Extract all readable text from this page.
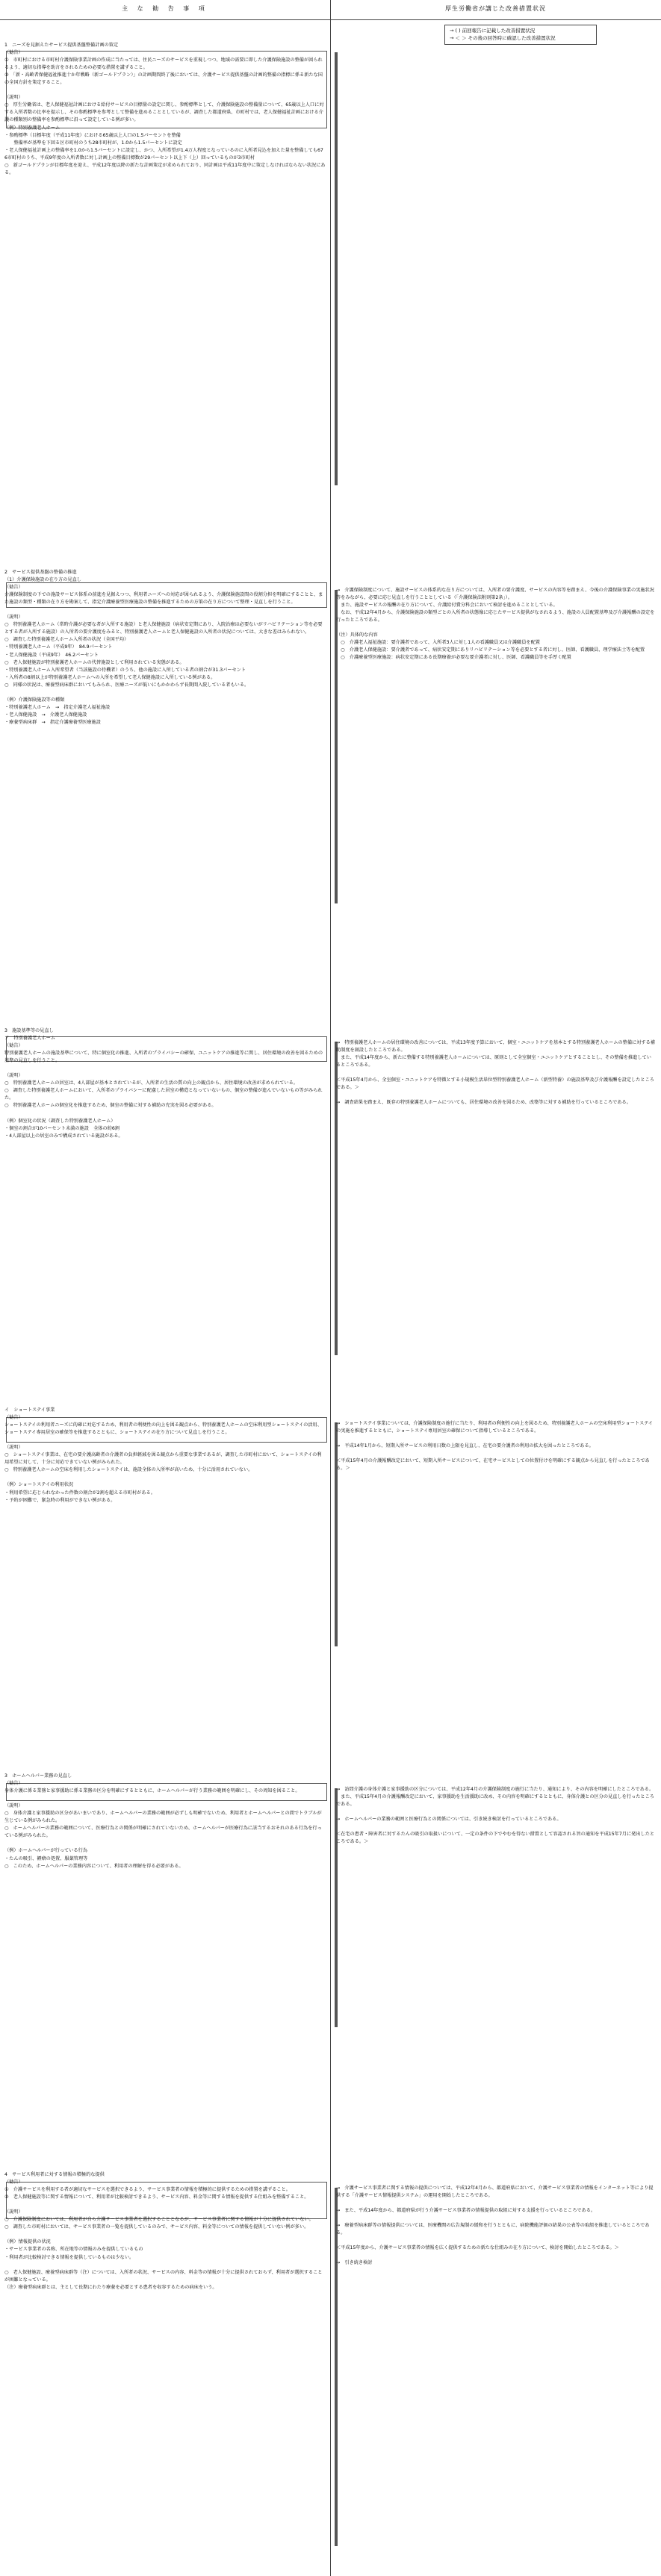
主 な 勧 告 事 項	厚生労働省が講じた改善措置状況
→ ( ) 前回報告に記載した改善措置状況
→ ＜ ＞ その後の回答時に確認した改善措置状況
1　ニーズを見据えたサービス提供基盤整備計画の策定
（勧告）
①　市町村における市町村介護保険事業計画の作成に当たっては、住民ニーズのサービスを重視しつつ、地域の需要に即した介護保険施設の整備が図られるよう、適切な指導を助言をされるための必要な措置を講ずること。
②　「新・高齢者保健福祉推進十か年戦略（新ゴールドプラン）」の計画期間終了後においては、介護サービス提供基盤の計画的整備の指標に係る新たな国の全国方針を策定すること。

（説明）
○　厚生労働省は、老人保健福祉計画における給付サービスの目標量の設定に関し、参酌標準として、介護保険施設の整備量について、65歳以上人口に対する入所者数の比率を提示し、その参酌標準を参考として整備を進めることとしているが、調査した都道府県、市町村では、老人保健福祉計画における介護の種類別の整備率を参酌標準に沿って設定している例が多い。
（例）特別養護老人ホーム
・参酌標準（目標年度（平成11年度）における65歳以上人口の1.5パーセントを整備
　　整備率が基準を下回る区市町村のうち28市町村が、1.0から1.5パーセントに設定
・老人保健福祉計画上の整備率を1.0から1.5パーセントに設定し、かつ、入所希望が1.4万人程度となっているのに入所者見込を加えた量を整備しても676市町村のうち、平成9年度の入所者数に対し計画上の整備目標数が29パーセント以上下（上）回っているものが3市町村
○　新ゴールドプランが目標年度を迎え、平成12年度以降の新たな計画策定が求められており、同計画は平成11年度中に策定しなければならない状況にある。
2　サービス提供基盤の整備の推進
（1）介護保険施設の在り方の見直し
（勧告）
介護保険制度の下での施設サービス体系の前進を見据えつつ、利用者ニーズへの対応が図られるよう、介護保険施設間の役割分担を明確にすることと、また施設の類型・種類の在り方を勘案して、指定介護療養型医療施設の整備を推進するための方策の在り方について整理・見直しを行うこと。

（説明）
○　特別養護老人ホーム（常時介護が必要な者が入所する施設）と老人保健施設（病状安定期にあり、入院治療は必要ないがリハビリテーション等を必要とする者が入所する施設）の入所者の要介護度をみると、特別養護老人ホームと老人保健施設の入所者の状況については、大きな差はみられない。
○　調査した特別養護老人ホーム入所者の状況（全国平均）
・特別養護老人ホーム（平成9年）　84.9パーセント
・老人保健施設（平成9年）　46.2パーセント
○　老人保健施設が特別養護老人ホームの代替施設として利用されている実態がある。
・特別養護老人ホーム入所希望者（当該施設の待機者）のうち、他の施設に入所している者の割合が31.3パーセント
・入所者の8割以上が特別養護老人ホームへの入所を希望して老人保健施設に入所している例がある。
○　同様の状況は、療養型病床群においてもみられ、医療ニーズが低いにもかかわらず長期間入院している者もいる。

（例）介護保険施設等の種類
・特別養護老人ホーム　→　指定介護老人福祉施設
・老人保健施設　→　介護老人保健施設
・療養型病床群　→　指定介護療養型医療施設
→　介護保険制度について、施設サービスの体系的な在り方については、入所者の要介護度、サービスの内容等を踏まえ、今後の介護保険事業の実施状況等をみながら、必要に応じ見直しを行うこととしている（「介護保険法附則第2条」）。
　また、施設サービスの報酬の在り方について、介護給付費分科会において検討を進めることとしている。
　なお、平成12年4月から、介護保険施設の類型ごとの入所者の状態像に応じたサービス提供がなされるよう、施設の人員配置基準及び介護報酬の設定を行ったところである。

（注）具体的な内容
　○　介護老人福祉施設：要介護者であって、入所者3人に対し1人の看護職員又は介護職員を配置
　○　介護老人保健施設：要介護者であって、病状安定期にありリハビリテーション等を必要とする者に対し、医師、看護職員、理学療法士等を配置
　○　介護療養型医療施設：病状安定期にある長期療養が必要な要介護者に対し、医師、看護職員等を手厚く配置
3　施設基準等の見直し
ア　特別養護老人ホーム
（勧告）
特別養護老人ホームの施設基準について、特に個室化の推進、入所者のプライバシーの確保、ユニットケアの推進等に関し、居住環境の改善を図るための基準の見直しを行うこと。

（説明）
○　特別養護老人ホームの居室は、4人部屋が基本とされているが、入所者の生活の質の向上の観点から、居住環境の改善が求められている。
○　調査した特別養護老人ホームにおいて、入所者のプライバシーに配慮した居室の構造となっていないもの、個室の整備が進んでいないもの等がみられた。
○　特別養護老人ホームの個室化を推進するため、個室の整備に対する補助の充実を図る必要がある。

（例）個室化の状況（調査した特別養護老人ホーム）
・個室の割合が10パーセント未満の施設　全体の約6割
・4人部屋以上の居室のみで構成されている施設がある。
→　特別養護老人ホームの居住環境の改善については、平成13年度予算において、個室・ユニットケアを基本とする特別養護老人ホームの整備に対する補助制度を創設したところである。
　また、平成14年度から、新たに整備する特別養護老人ホームについては、原則として全室個室・ユニットケアとすることとし、その整備を推進しているところである。

＜平成15年4月から、全室個室・ユニットケアを特徴とする小規模生活単位型特別養護老人ホーム（新型特養）の施設基準及び介護報酬を設定したところである。＞

→　調査結果を踏まえ、既存の特別養護老人ホームについても、居住環境の改善を図るため、改築等に対する補助を行っているところである。
イ　ショートステイ事業
（勧告）
ショートステイの利用者ニーズに的確に対応するため、利用者の利便性の向上を図る観点から、特別養護老人ホームの空床利用型ショートステイの活用、ショートステイ専用居室の確保等を推進するとともに、ショートステイの在り方について見直しを行うこと。

（説明）
○　ショートステイ事業は、在宅の要介護高齢者の介護者の負担軽減を図る観点から重要な事業であるが、調査した市町村において、ショートステイの利用希望に対して、十分に対応できていない例がみられた。
○　特別養護老人ホームの空床を利用したショートステイは、施設全体の入所率が高いため、十分に活用されていない。

（例）ショートステイの利用状況
・利用希望に応じられなかった件数の割合が2割を超える市町村がある。
・予約が困難で、緊急時の利用ができない例がある。
→　ショートステイ事業については、介護保険制度の施行に当たり、利用者の利便性の向上を図るため、特別養護老人ホームの空床利用型ショートステイの実施を推進するとともに、ショートステイ専用居室の確保について指導しているところである。

→　平成14年1月から、短期入所サービスの利用日数の上限を見直し、在宅の要介護者の利用の拡大を図ったところである。

＜平成15年4月の介護報酬改定において、短期入所サービスについて、在宅サービスとしての位置付けを明確にする観点から見直しを行ったところである。＞
3　ホームヘルパー業務の見直し
（勧告）
身体介護に係る業務と家事援助に係る業務の区分を明確にするとともに、ホームヘルパーが行う業務の範囲を明確にし、その周知を図ること。

（説明）
○　身体介護と家事援助の区分があいまいであり、ホームヘルパーの業務の範囲が必ずしも明確でないため、利用者とホームヘルパーとの間でトラブルが生じている例がみられた。
○　ホームヘルパーの業務の範囲について、医療行為との関係が明確にされていないため、ホームヘルパーが医療行為に該当するおそれのある行為を行っている例がみられた。

（例）ホームヘルパーが行っている行為
・たんの吸引、褥瘡の処置、服薬管理等
○　このため、ホームヘルパーの業務内容について、利用者の理解を得る必要がある。
→　訪問介護の身体介護と家事援助の区分については、平成12年4月の介護保険制度の施行に当たり、通知により、その内容を明確にしたところである。
　また、平成15年4月の介護報酬改定において、家事援助を生活援助に改め、その内容を明確にするとともに、身体介護との区分の見直しを行ったところである。

→　ホームヘルパーの業務の範囲と医療行為との関係については、引き続き検討を行っているところである。

＜在宅の患者・障害者に対するたんの吸引の取扱いについて、一定の条件の下でやむを得ない措置として容認される旨の通知を平成15年7月に発出したところである。＞
4　サービス利用者に対する情報の積極的な提供
（勧告）
①　介護サービスを利用する者が適切なサービスを選択できるよう、サービス事業者の情報を積極的に提供するための措置を講ずること。
②　老人保健施設等に関する情報について、利用者が比較検討できるよう、サービス内容、料金等に関する情報を提供する仕組みを整備すること。

（説明）
○　介護保険制度においては、利用者が自ら介護サービス事業者を選択することとなるが、サービス事業者に関する情報が十分に提供されていない。
○　調査した市町村においては、サービス事業者の一覧を提供しているのみで、サービス内容、料金等についての情報を提供していない例が多い。

（例）情報提供の状況
・サービス事業者の名称、所在地等の情報のみを提供しているもの
・利用者が比較検討できる情報を提供しているものは少ない。

○　老人保健施設、療養型病床群等（注）については、入所者の状況、サービスの内容、料金等の情報が十分に提供されておらず、利用者が選択することが困難となっている。
（注）療養型病床群とは、主として長期にわたり療養を必要とする患者を収容するための病床をいう。
→　介護サービス事業者に関する情報の提供については、平成12年4月から、都道府県において、介護サービス事業者の情報をインターネット等により提供する「介護サービス情報提供システム」の運用を開始したところである。

→　また、平成14年度から、都道府県が行う介護サービス事業者の情報提供の取組に対する支援を行っているところである。

→　療養型病床群等の情報提供については、医療機関の広告規制の緩和を行うとともに、病院機能評価の結果の公表等の取組を推進しているところである。

＜平成15年度から、介護サービス事業者の情報を広く提供するための新たな仕組みの在り方について、検討を開始したところである。＞

→　引き続き検討
